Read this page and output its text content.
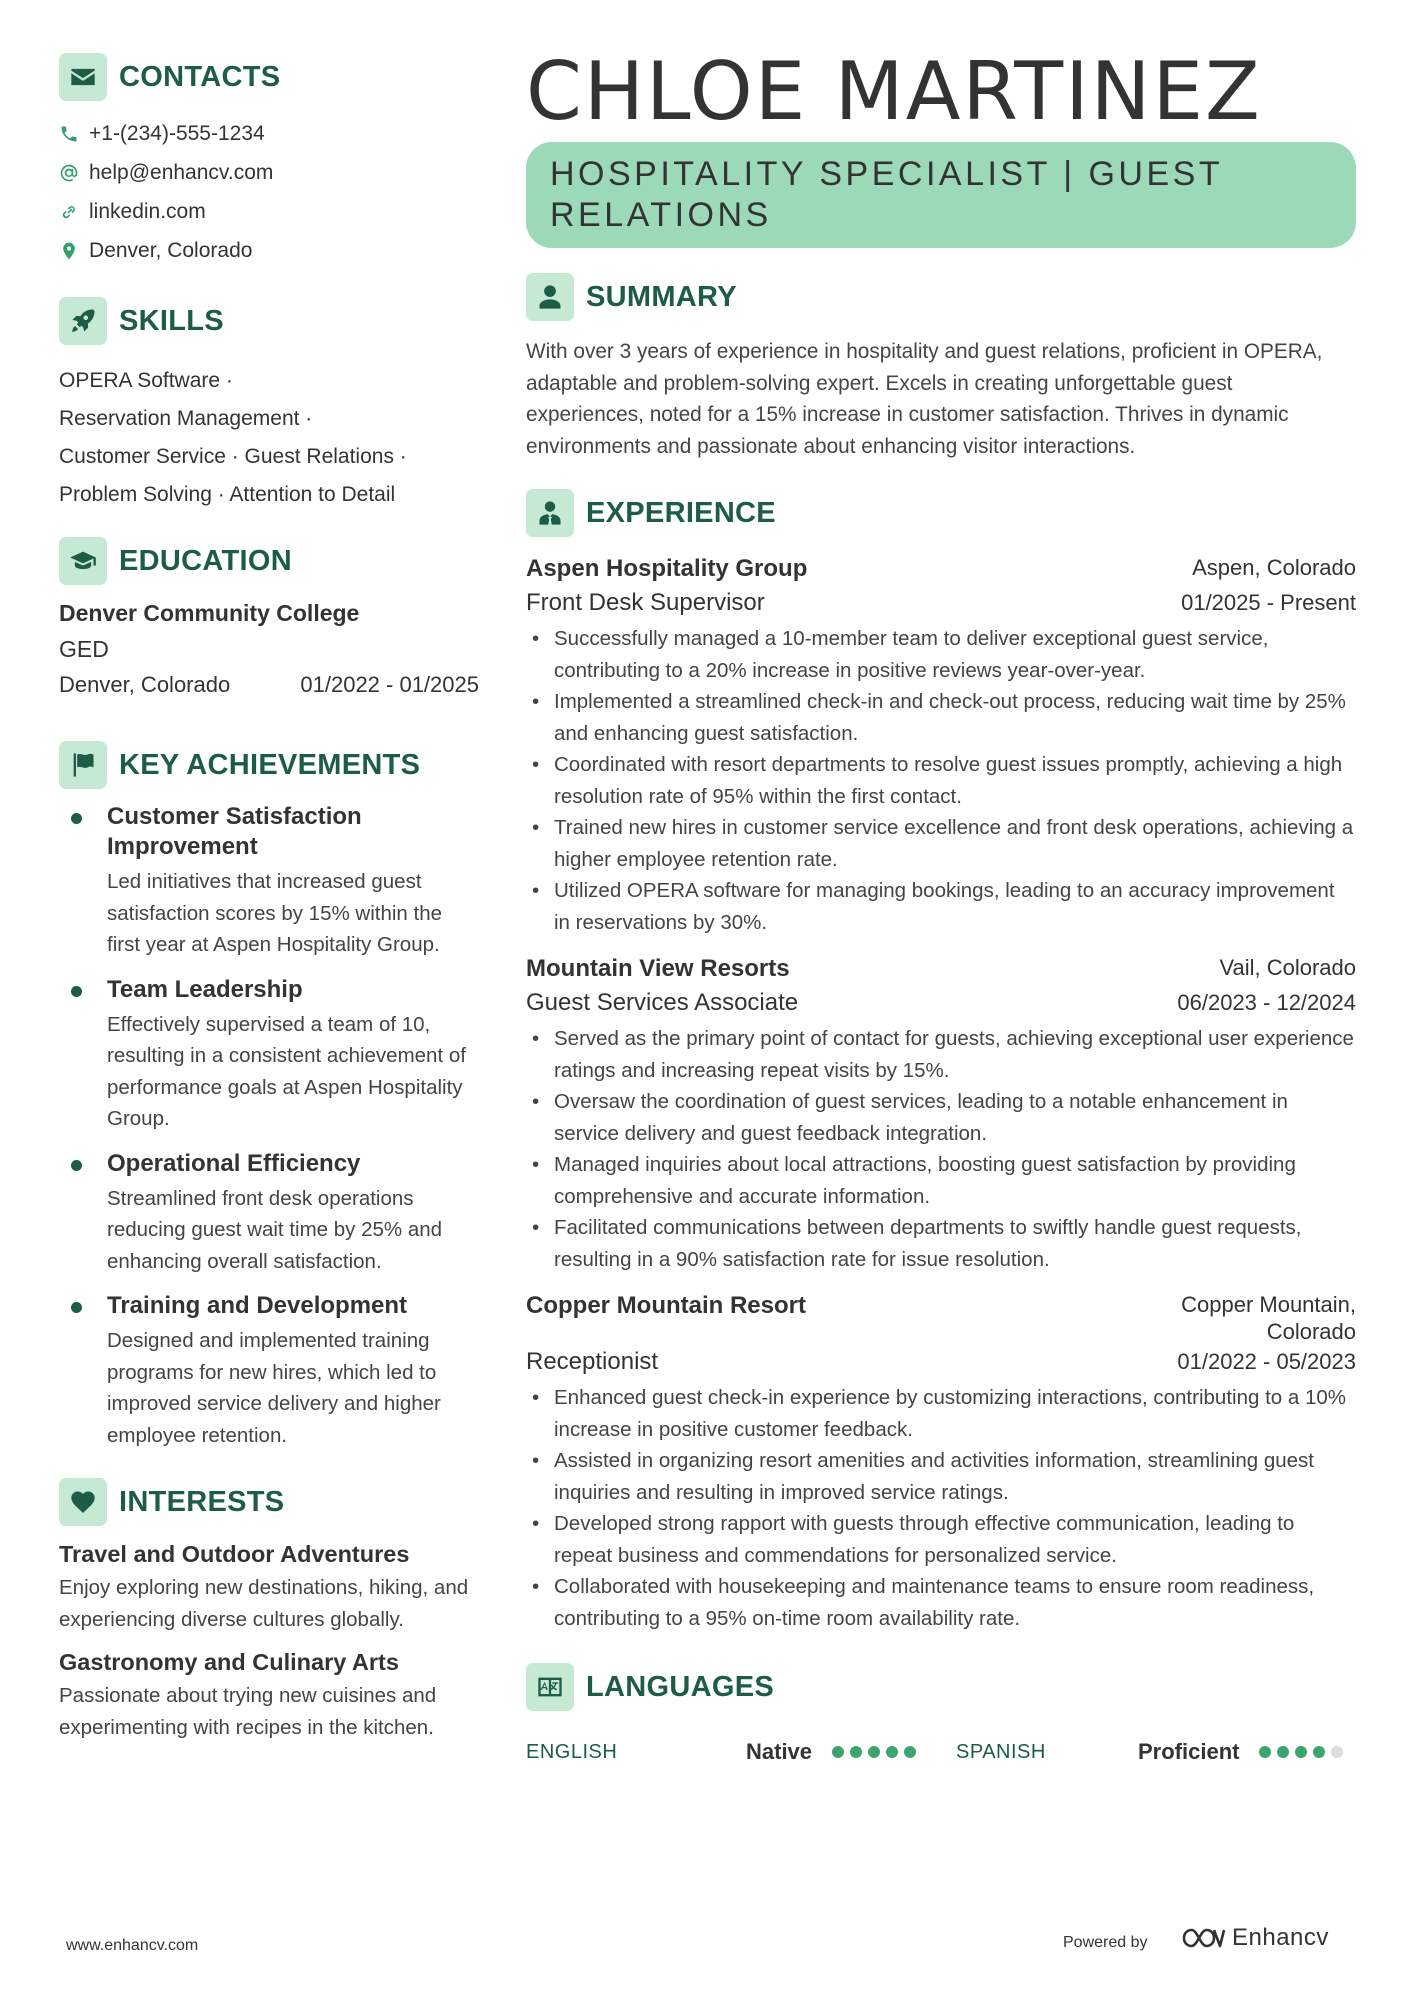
CONTACTS
+1-(234)-555-1234
help@enhancv.com
linkedin.com
Denver, Colorado
SKILLS
OPERA Software ·
Reservation Management ·
Customer Service · Guest Relations ·
Problem Solving · Attention to Detail
EDUCATION
Denver Community College
GED
Denver, Colorado	01/2022 - 01/2025
KEY ACHIEVEMENTS
Customer Satisfaction Improvement
Led initiatives that increased guest satisfaction scores by 15% within the first year at Aspen Hospitality Group.
Team Leadership
Effectively supervised a team of 10, resulting in a consistent achievement of performance goals at Aspen Hospitality Group.
Operational Efficiency
Streamlined front desk operations reducing guest wait time by 25% and enhancing overall satisfaction.
Training and Development
Designed and implemented training programs for new hires, which led to improved service delivery and higher employee retention.
INTERESTS
Travel and Outdoor Adventures
Enjoy exploring new destinations, hiking, and experiencing diverse cultures globally.
Gastronomy and Culinary Arts
Passionate about trying new cuisines and experimenting with recipes in the kitchen.
CHLOE MARTINEZ
HOSPITALITY SPECIALIST | GUEST RELATIONS
SUMMARY
With over 3 years of experience in hospitality and guest relations, proficient in OPERA, adaptable and problem-solving expert. Excels in creating unforgettable guest experiences, noted for a 15% increase in customer satisfaction. Thrives in dynamic environments and passionate about enhancing visitor interactions.
EXPERIENCE
Aspen Hospitality Group	Aspen, Colorado
Front Desk Supervisor	01/2025 - Present
• Successfully managed a 10-member team to deliver exceptional guest service, contributing to a 20% increase in positive reviews year-over-year.
• Implemented a streamlined check-in and check-out process, reducing wait time by 25% and enhancing guest satisfaction.
• Coordinated with resort departments to resolve guest issues promptly, achieving a high resolution rate of 95% within the first contact.
• Trained new hires in customer service excellence and front desk operations, achieving a higher employee retention rate.
• Utilized OPERA software for managing bookings, leading to an accuracy improvement in reservations by 30%.
Mountain View Resorts	Vail, Colorado
Guest Services Associate	06/2023 - 12/2024
• Served as the primary point of contact for guests, achieving exceptional user experience ratings and increasing repeat visits by 15%.
• Oversaw the coordination of guest services, leading to a notable enhancement in service delivery and guest feedback integration.
• Managed inquiries about local attractions, boosting guest satisfaction by providing comprehensive and accurate information.
• Facilitated communications between departments to swiftly handle guest requests, resulting in a 90% satisfaction rate for issue resolution.
Copper Mountain Resort	Copper Mountain, Colorado
Receptionist	01/2022 - 05/2023
• Enhanced guest check-in experience by customizing interactions, contributing to a 10% increase in positive customer feedback.
• Assisted in organizing resort amenities and activities information, streamlining guest inquiries and resulting in improved service ratings.
• Developed strong rapport with guests through effective communication, leading to repeat business and commendations for personalized service.
• Collaborated with housekeeping and maintenance teams to ensure room readiness, contributing to a 95% on-time room availability rate.
LANGUAGES
ENGLISH	Native	SPANISH	Proficient
www.enhancv.com	Powered by	Enhancv
